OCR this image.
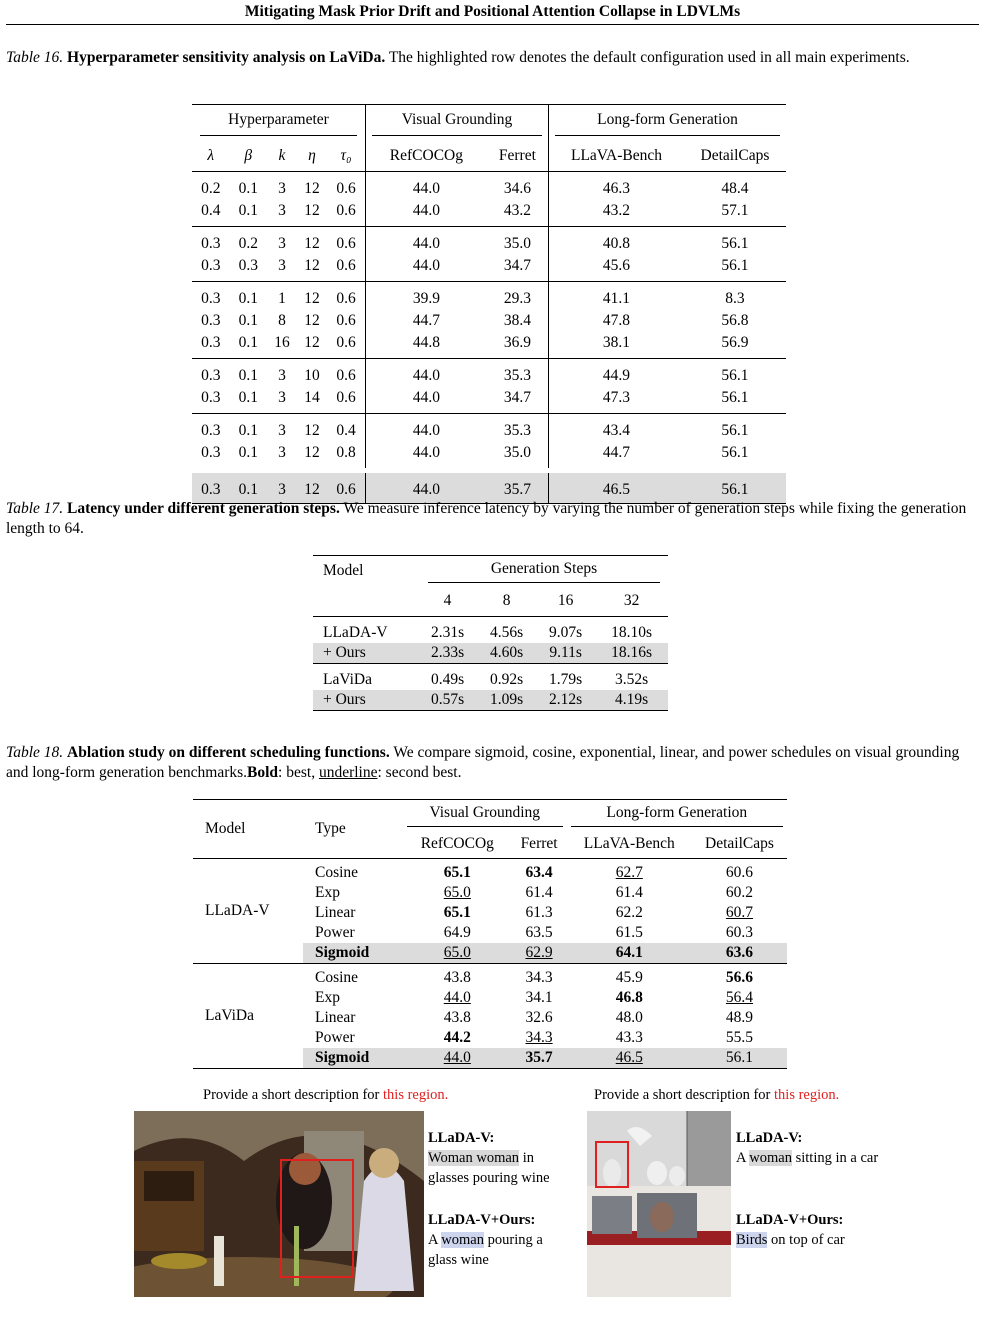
Mitigating Mask Prior Drift and Positional Attention Collapse in LDVLMs
Table 16. Hyperparameter sensitivity analysis on LaViDa. The highlighted row denotes the default configuration used in all main experiments.
Hyperparameter					Visual Grounding		Long-form Generation	

λ	β	k	η	τ₀	RefCOCOg	Ferret	LLaVA-Bench	DetailCaps
0.2	0.1	3	12	0.6	44.0	34.6	46.3	48.4
0.4	0.1	3	12	0.6	44.0	43.2	43.2	57.1
0.3	0.2	3	12	0.6	44.0	35.0	40.8	56.1
0.3	0.3	3	12	0.6	44.0	34.7	45.6	56.1
0.3	0.1	1	12	0.6	39.9	29.3	41.1	8.3
0.3	0.1	8	12	0.6	44.7	38.4	47.8	56.8
0.3	0.1	16	12	0.6	44.8	36.9	38.1	56.9
0.3	0.1	3	10	0.6	44.0	35.3	44.9	56.1
0.3	0.1	3	14	0.6	44.0	34.7	47.3	56.1
0.3	0.1	3	12	0.4	44.0	35.3	43.4	56.1
0.3	0.1	3	12	0.8	44.0	35.0	44.7	56.1
0.3	0.1	3	12	0.6	44.0	35.7	46.5	56.1
Table 17. Latency under different generation steps. We measure inference latency by varying the number of generation steps while fixing the generation length to 64.
Model	Generation Steps			

	4	8	16	32
LLaDA-V	2.31s	4.56s	9.07s	18.10s
+ Ours	2.33s	4.60s	9.11s	18.16s
LaViDa	0.49s	0.92s	1.79s	3.52s
+ Ours	0.57s	1.09s	2.12s	4.19s
Table 18. Ablation study on different scheduling functions. We compare sigmoid, cosine, exponential, linear, and power schedules on visual grounding and long-form generation benchmarks.Bold: best, underline: second best.
Model	Type	Visual Grounding		Long-form Generation	

		RefCOCOg	Ferret	LLaVA-Bench	DetailCaps
LLaDA-V	Cosine	65.1	63.4	62.7	60.6
	Exp	65.0	61.4	61.4	60.2
	Linear	65.1	61.3	62.2	60.7
	Power	64.9	63.5	61.5	60.3
	Sigmoid	65.0	62.9	64.1	63.6
LaViDa	Cosine	43.8	34.3	45.9	56.6
	Exp	44.0	34.1	46.8	56.4
	Linear	43.8	32.6	48.0	48.9
	Power	44.2	34.3	43.3	55.5
	Sigmoid	44.0	35.7	46.5	56.1
Provide a short description for this region.
LLaDA-V:
Woman woman in glasses pouring wine
LLaDA-V+Ours:
A woman pouring a glass wine
Provide a short description for this region.
LLaDA-V:
A woman sitting in a car
LLaDA-V+Ours:
Birds on top of car
